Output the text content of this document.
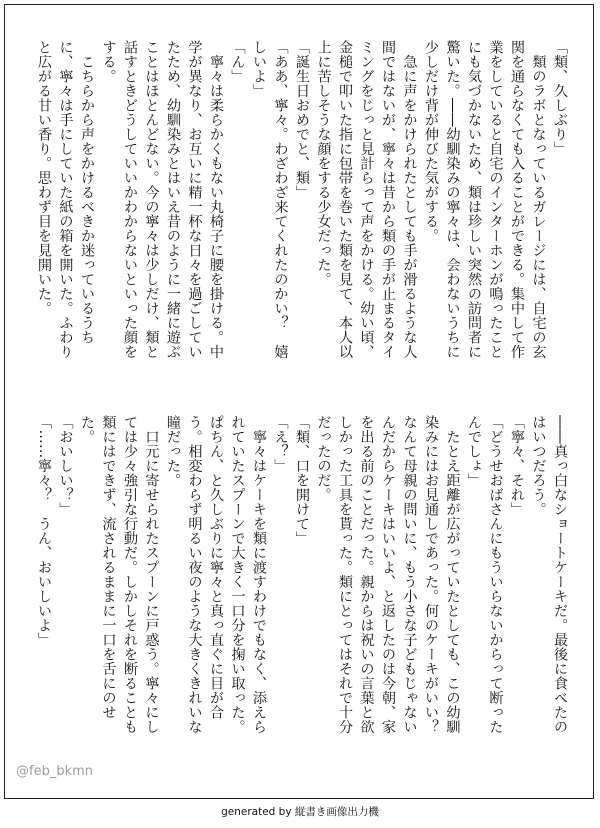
「類、久しぶり」
　類のラボとなっているガレージには、自宅の玄関を通らなくても入ることができる。集中して作業をしていると自宅のインターホンが鳴ったことにも気づかないため、類は珍しい突然の訪問者に驚いた。――幼馴染みの寧々は、会わないうちに少しだけ背が伸びた気がする。
　急に声をかけられたとしても手が滑るような人間ではないが、寧々は昔から類の手が止まるタイミングをじっと見計らって声をかける。幼い頃、金槌で叩いた指に包帯を巻いた類を見て、本人以上に苦しそうな顔をする少女だった。
「誕生日おめでと、類」
「ああ、寧々。わざわざ来てくれたのかい？　嬉しいよ」
「ん」
　寧々は柔らかくもない丸椅子に腰を掛ける。中学が異なり、お互いに精一杯な日々を過ごしていたため、幼馴染みとはいえ昔のように一緒に遊ぶことはほとんどない。今の寧々は少しだけ、類と話すときどうしていいかわからないといった顔をする。
　こちらから声をかけるべきか迷っているうちに、寧々は手にしていた紙の箱を開いた。ふわりと広がる甘い香り。思わず目を見開いた。
――真っ白なショートケーキだ。最後に食べたのはいつだろう。
「寧々、それ」
「どうせおばさんにもういらないからって断ったんでしょ」
　たとえ距離が広がっていたとしても、この幼馴染みにはお見通しであった。何のケーキがいい？　なんて母親の問いに、もう小さな子どもじゃないんだからケーキはいいよ、と返したのは今朝、家を出る前のことだった。親からは祝いの言葉と欲しかった工具を貰った。類にとってはそれで十分だったのだ。
「類、口を開けて」
「え？」
　寧々はケーキを類に渡すわけでもなく、添えられていたスプーンで大きく一口分を掬い取った。ぱちん、と久しぶりに寧々と真っ直ぐに目が合う。相変わらず明るい夜のような大きくきれいな瞳だった。
　口元に寄せられたスプーンに戸惑う。寧々にしては少々強引な行動だ。しかしそれを断ることも類にはできず、流されるままに一口を舌にのせた。
「おいしい？」
「……寧々？　うん、おいしいよ」
@feb_bkmn
generated by 縦書き画像出力機
